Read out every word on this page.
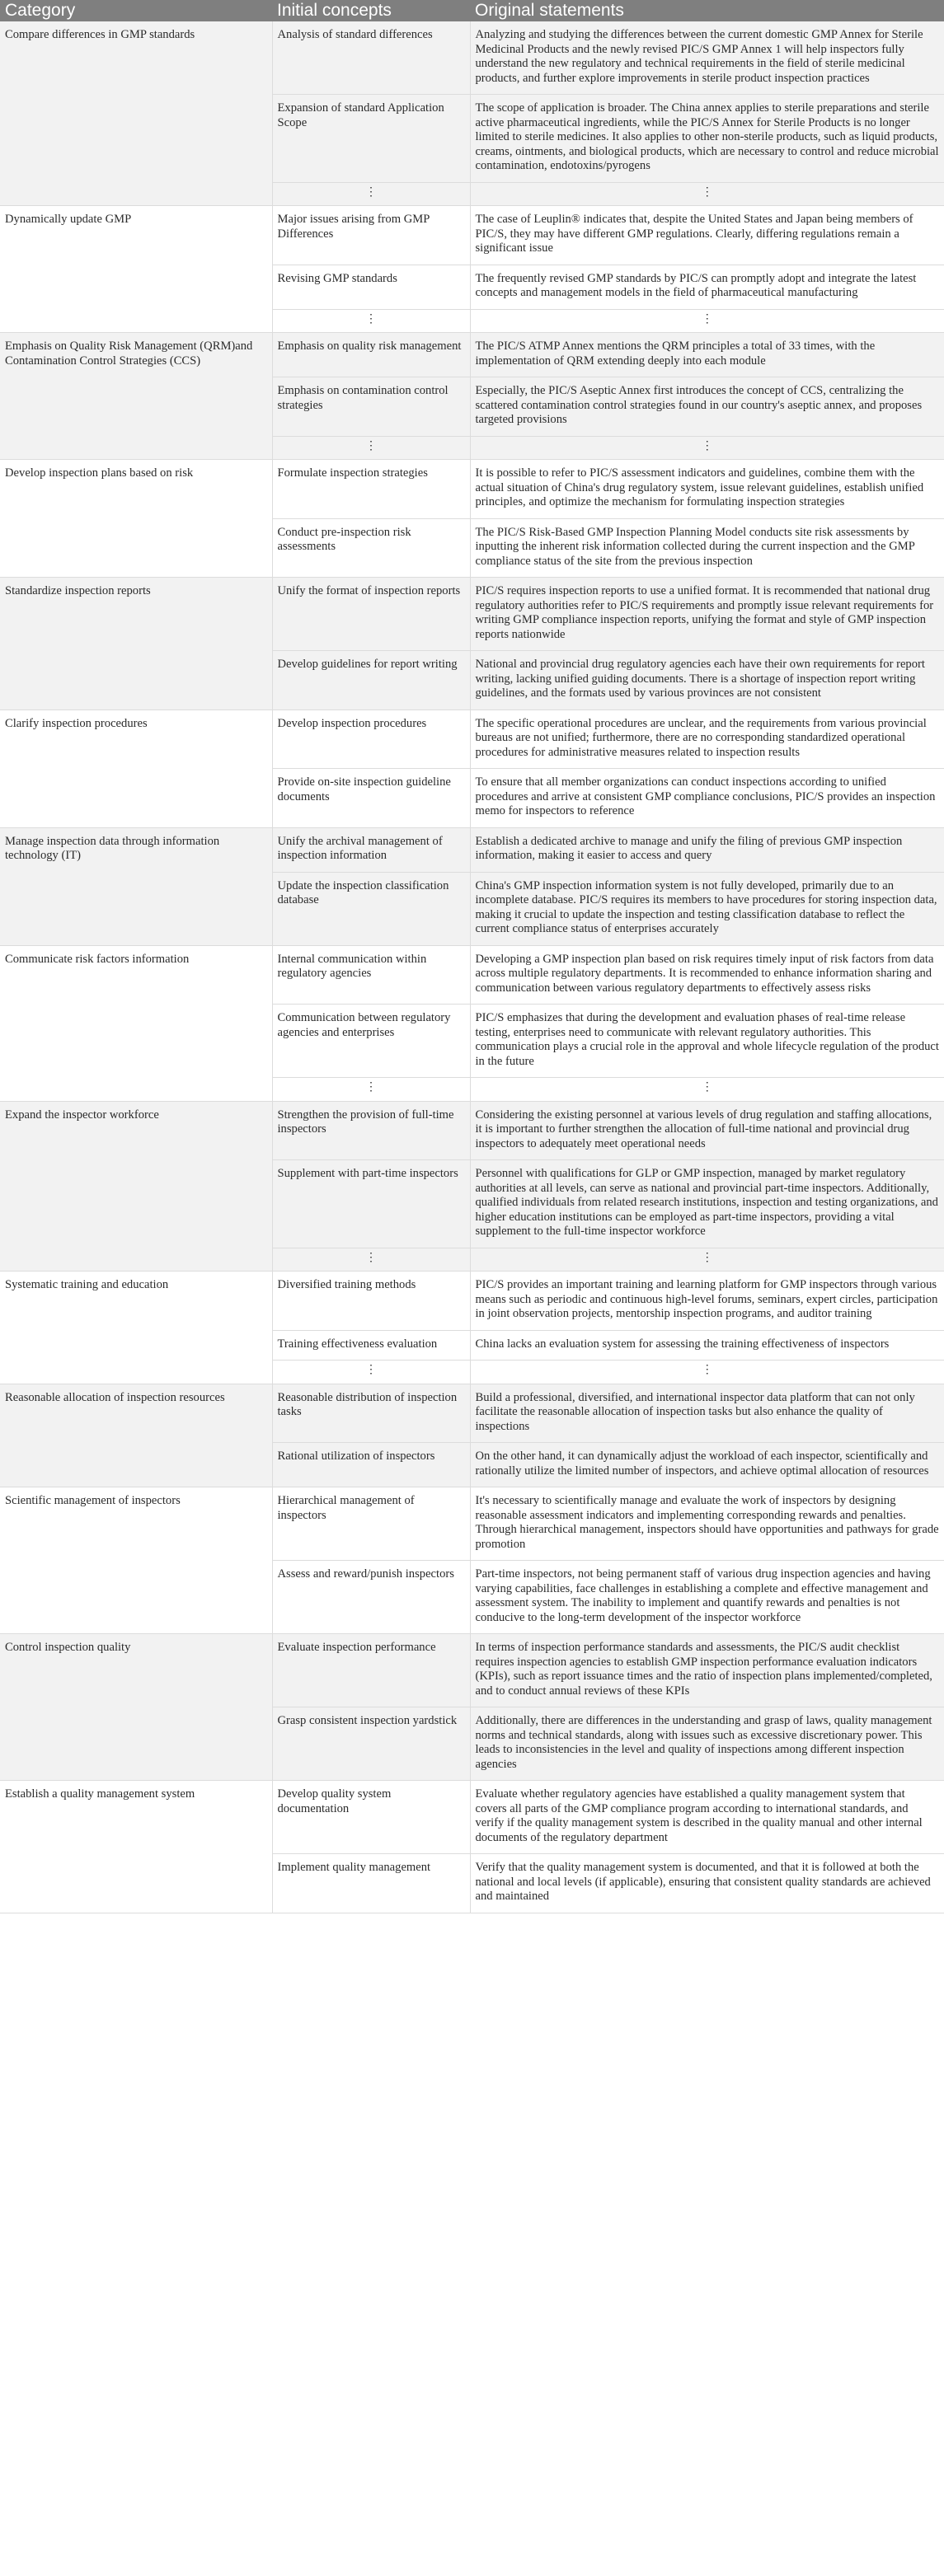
Category	Initial concepts	Original statements
Compare differences in GMP standards	Analysis of standard differences	Analyzing and studying the differences between the current domestic GMP Annex for Sterile Medicinal Products and the newly revised PIC/S GMP Annex 1 will help inspectors fully understand the new regulatory and technical requirements in the field of sterile medicinal products, and further explore improvements in sterile product inspection practices
	Expansion of standard Application Scope	The scope of application is broader. The China annex applies to sterile preparations and sterile active pharmaceutical ingredients, while the PIC/S Annex for Sterile Products is no longer limited to sterile medicines. It also applies to other non-sterile products, such as liquid products, creams, ointments, and biological products, which are necessary to control and reduce microbial contamination, endotoxins/pyrogens
	⋮	⋮
Dynamically update GMP	Major issues arising from GMP Differences	The case of Leuplin® indicates that, despite the United States and Japan being members of PIC/S, they may have different GMP regulations. Clearly, differing regulations remain a significant issue
	Revising GMP standards	The frequently revised GMP standards by PIC/S can promptly adopt and integrate the latest concepts and management models in the field of pharmaceutical manufacturing
	⋮	⋮
Emphasis on Quality Risk Management (QRM)and Contamination Control Strategies (CCS)	Emphasis on quality risk management	The PIC/S ATMP Annex mentions the QRM principles a total of 33 times, with the implementation of QRM extending deeply into each module
	Emphasis on contamination control strategies	Especially, the PIC/S Aseptic Annex first introduces the concept of CCS, centralizing the scattered contamination control strategies found in our country's aseptic annex, and proposes targeted provisions
	⋮	⋮
Develop inspection plans based on risk	Formulate inspection strategies	It is possible to refer to PIC/S assessment indicators and guidelines, combine them with the actual situation of China's drug regulatory system, issue relevant guidelines, establish unified principles, and optimize the mechanism for formulating inspection strategies
	Conduct pre-inspection risk assessments	The PIC/S Risk-Based GMP Inspection Planning Model conducts site risk assessments by inputting the inherent risk information collected during the current inspection and the GMP compliance status of the site from the previous inspection
Standardize inspection reports	Unify the format of inspection reports	PIC/S requires inspection reports to use a unified format. It is recommended that national drug regulatory authorities refer to PIC/S requirements and promptly issue relevant requirements for writing GMP compliance inspection reports, unifying the format and style of GMP inspection reports nationwide
	Develop guidelines for report writing	National and provincial drug regulatory agencies each have their own requirements for report writing, lacking unified guiding documents. There is a shortage of inspection report writing guidelines, and the formats used by various provinces are not consistent
Clarify inspection procedures	Develop inspection procedures	The specific operational procedures are unclear, and the requirements from various provincial bureaus are not unified; furthermore, there are no corresponding standardized operational procedures for administrative measures related to inspection results
	Provide on-site inspection guideline documents	To ensure that all member organizations can conduct inspections according to unified procedures and arrive at consistent GMP compliance conclusions, PIC/S provides an inspection memo for inspectors to reference
Manage inspection data through information technology (IT)	Unify the archival management of inspection information	Establish a dedicated archive to manage and unify the filing of previous GMP inspection information, making it easier to access and query
	Update the inspection classification database	China's GMP inspection information system is not fully developed, primarily due to an incomplete database. PIC/S requires its members to have procedures for storing inspection data, making it crucial to update the inspection and testing classification database to reflect the current compliance status of enterprises accurately
Communicate risk factors information	Internal communication within regulatory agencies	Developing a GMP inspection plan based on risk requires timely input of risk factors from data across multiple regulatory departments. It is recommended to enhance information sharing and communication between various regulatory departments to effectively assess risks
	Communication between regulatory agencies and enterprises	PIC/S emphasizes that during the development and evaluation phases of real-time release testing, enterprises need to communicate with relevant regulatory authorities. This communication plays a crucial role in the approval and whole lifecycle regulation of the product in the future
	⋮	⋮
Expand the inspector workforce	Strengthen the provision of full-time inspectors	Considering the existing personnel at various levels of drug regulation and staffing allocations, it is important to further strengthen the allocation of full-time national and provincial drug inspectors to adequately meet operational needs
	Supplement with part-time inspectors	Personnel with qualifications for GLP or GMP inspection, managed by market regulatory authorities at all levels, can serve as national and provincial part-time inspectors. Additionally, qualified individuals from related research institutions, inspection and testing organizations, and higher education institutions can be employed as part-time inspectors, providing a vital supplement to the full-time inspector workforce
	⋮	⋮
Systematic training and education	Diversified training methods	PIC/S provides an important training and learning platform for GMP inspectors through various means such as periodic and continuous high-level forums, seminars, expert circles, participation in joint observation projects, mentorship inspection programs, and auditor training
	Training effectiveness evaluation	China lacks an evaluation system for assessing the training effectiveness of inspectors
	⋮	⋮
Reasonable allocation of inspection resources	Reasonable distribution of inspection tasks	Build a professional, diversified, and international inspector data platform that can not only facilitate the reasonable allocation of inspection tasks but also enhance the quality of inspections
	Rational utilization of inspectors	On the other hand, it can dynamically adjust the workload of each inspector, scientifically and rationally utilize the limited number of inspectors, and achieve optimal allocation of resources
Scientific management of inspectors	Hierarchical management of inspectors	It's necessary to scientifically manage and evaluate the work of inspectors by designing reasonable assessment indicators and implementing corresponding rewards and penalties. Through hierarchical management, inspectors should have opportunities and pathways for grade promotion
	Assess and reward/punish inspectors	Part-time inspectors, not being permanent staff of various drug inspection agencies and having varying capabilities, face challenges in establishing a complete and effective management and assessment system. The inability to implement and quantify rewards and penalties is not conducive to the long-term development of the inspector workforce
Control inspection quality	Evaluate inspection performance	In terms of inspection performance standards and assessments, the PIC/S audit checklist requires inspection agencies to establish GMP inspection performance evaluation indicators (KPIs), such as report issuance times and the ratio of inspection plans implemented/completed, and to conduct annual reviews of these KPIs
	Grasp consistent inspection yardstick	Additionally, there are differences in the understanding and grasp of laws, quality management norms and technical standards, along with issues such as excessive discretionary power. This leads to inconsistencies in the level and quality of inspections among different inspection agencies
Establish a quality management system	Develop quality system documentation	Evaluate whether regulatory agencies have established a quality management system that covers all parts of the GMP compliance program according to international standards, and verify if the quality management system is described in the quality manual and other internal documents of the regulatory department
	Implement quality management	Verify that the quality management system is documented, and that it is followed at both the national and local levels (if applicable), ensuring that consistent quality standards are achieved and maintained
